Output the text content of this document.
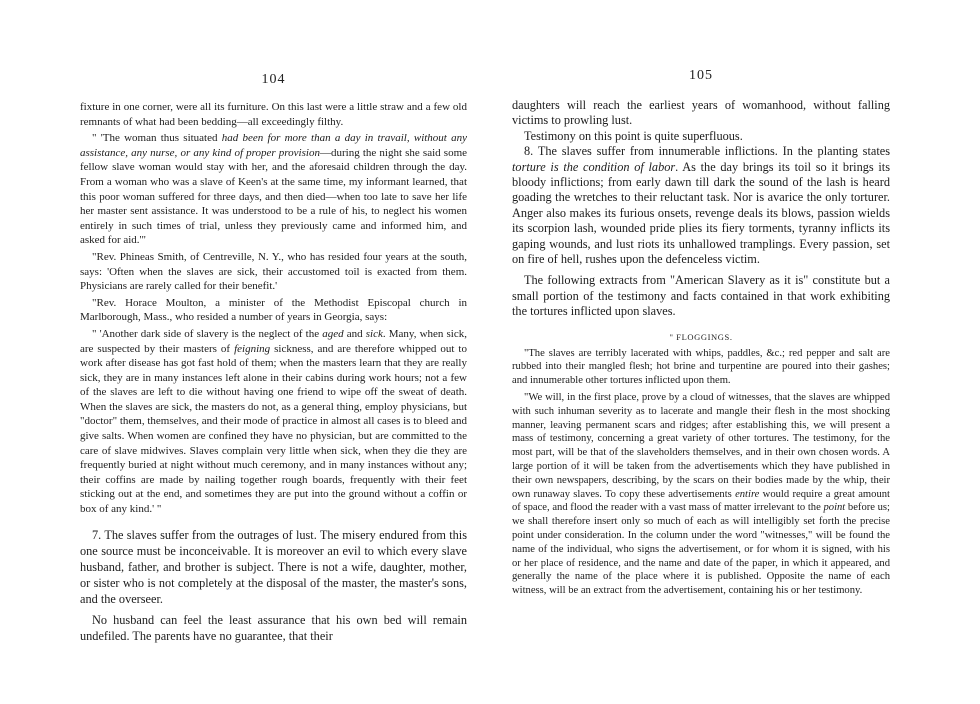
104

fixture in one corner, were all its furniture. On this last were a little straw and a few old remnants of what had been bedding—all exceedingly filthy.

" 'The woman thus situated had been for more than a day in travail, without any assistance, any nurse, or any kind of proper provision—during the night she said some fellow slave woman would stay with her, and the aforesaid children through the day. From a woman who was a slave of Keen's at the same time, my informant learned, that this poor woman suffered for three days, and then died—when too late to save her life her master sent assistance. It was understood to be a rule of his, to neglect his women entirely in such times of trial, unless they previously came and informed him, and asked for aid.'"

"Rev. Phineas Smith, of Centreville, N. Y., who has resided four years at the south, says: 'Often when the slaves are sick, their accustomed toil is exacted from them. Physicians are rarely called for their benefit.'

"Rev. Horace Moulton, a minister of the Methodist Episcopal church in Marlborough, Mass., who resided a number of years in Georgia, says:

" 'Another dark side of slavery is the neglect of the aged and sick. Many, when sick, are suspected by their masters of feigning sickness, and are therefore whipped out to work after disease has got fast hold of them; when the masters learn that they are really sick, they are in many instances left alone in their cabins during work hours; not a few of the slaves are left to die without having one friend to wipe off the sweat of death. When the slaves are sick, the masters do not, as a general thing, employ physicians, but "doctor" them, themselves, and their mode of practice in almost all cases is to bleed and give salts. When women are confined they have no physician, but are committed to the care of slave midwives. Slaves complain very little when sick, when they die they are frequently buried at night without much ceremony, and in many instances without any; their coffins are made by nailing together rough boards, frequently with their feet sticking out at the end, and sometimes they are put into the ground without a coffin or box of any kind.' "

7. The slaves suffer from the outrages of lust. The misery endured from this one source must be inconceivable. It is moreover an evil to which every slave husband, father, and brother is subject. There is not a wife, daughter, mother, or sister who is not completely at the disposal of the master, the master's sons, and the overseer.

No husband can feel the least assurance that his own bed will remain undefiled. The parents have no guarantee, that their

105

daughters will reach the earliest years of womanhood, without falling victims to prowling lust.

Testimony on this point is quite superfluous.

8. The slaves suffer from innumerable inflictions. In the planting states torture is the condition of labor. As the day brings its toil so it brings its bloody inflictions; from early dawn till dark the sound of the lash is heard goading the wretches to their reluctant task. Nor is avarice the only torturer. Anger also makes its furious onsets, revenge deals its blows, passion wields its scorpion lash, wounded pride plies its fiery torments, tyranny inflicts its gaping wounds, and lust riots its unhallowed tramplings. Every passion, set on fire of hell, rushes upon the defenceless victim.

The following extracts from "American Slavery as it is" constitute but a small portion of the testimony and facts contained in that work exhibiting the tortures inflicted upon slaves.

" FLOGGINGS.

"The slaves are terribly lacerated with whips, paddles, &c.; red pepper and salt are rubbed into their mangled flesh; hot brine and turpentine are poured into their gashes; and innumerable other tortures inflicted upon them.

"We will, in the first place, prove by a cloud of witnesses, that the slaves are whipped with such inhuman severity as to lacerate and mangle their flesh in the most shocking manner, leaving permanent scars and ridges; after establishing this, we will present a mass of testimony, concerning a great variety of other tortures. The testimony, for the most part, will be that of the slaveholders themselves, and in their own chosen words. A large portion of it will be taken from the advertisements which they have published in their own newspapers, describing, by the scars on their bodies made by the whip, their own runaway slaves. To copy these advertisements entire would require a great amount of space, and flood the reader with a vast mass of matter irrelevant to the point before us; we shall therefore insert only so much of each as will intelligibly set forth the precise point under consideration. In the column under the word "witnesses," will be found the name of the individual, who signs the advertisement, or for whom it is signed, with his or her place of residence, and the name and date of the paper, in which it appeared, and generally the name of the place where it is published. Opposite the name of each witness, will be an extract from the advertisement, containing his or her testimony.
